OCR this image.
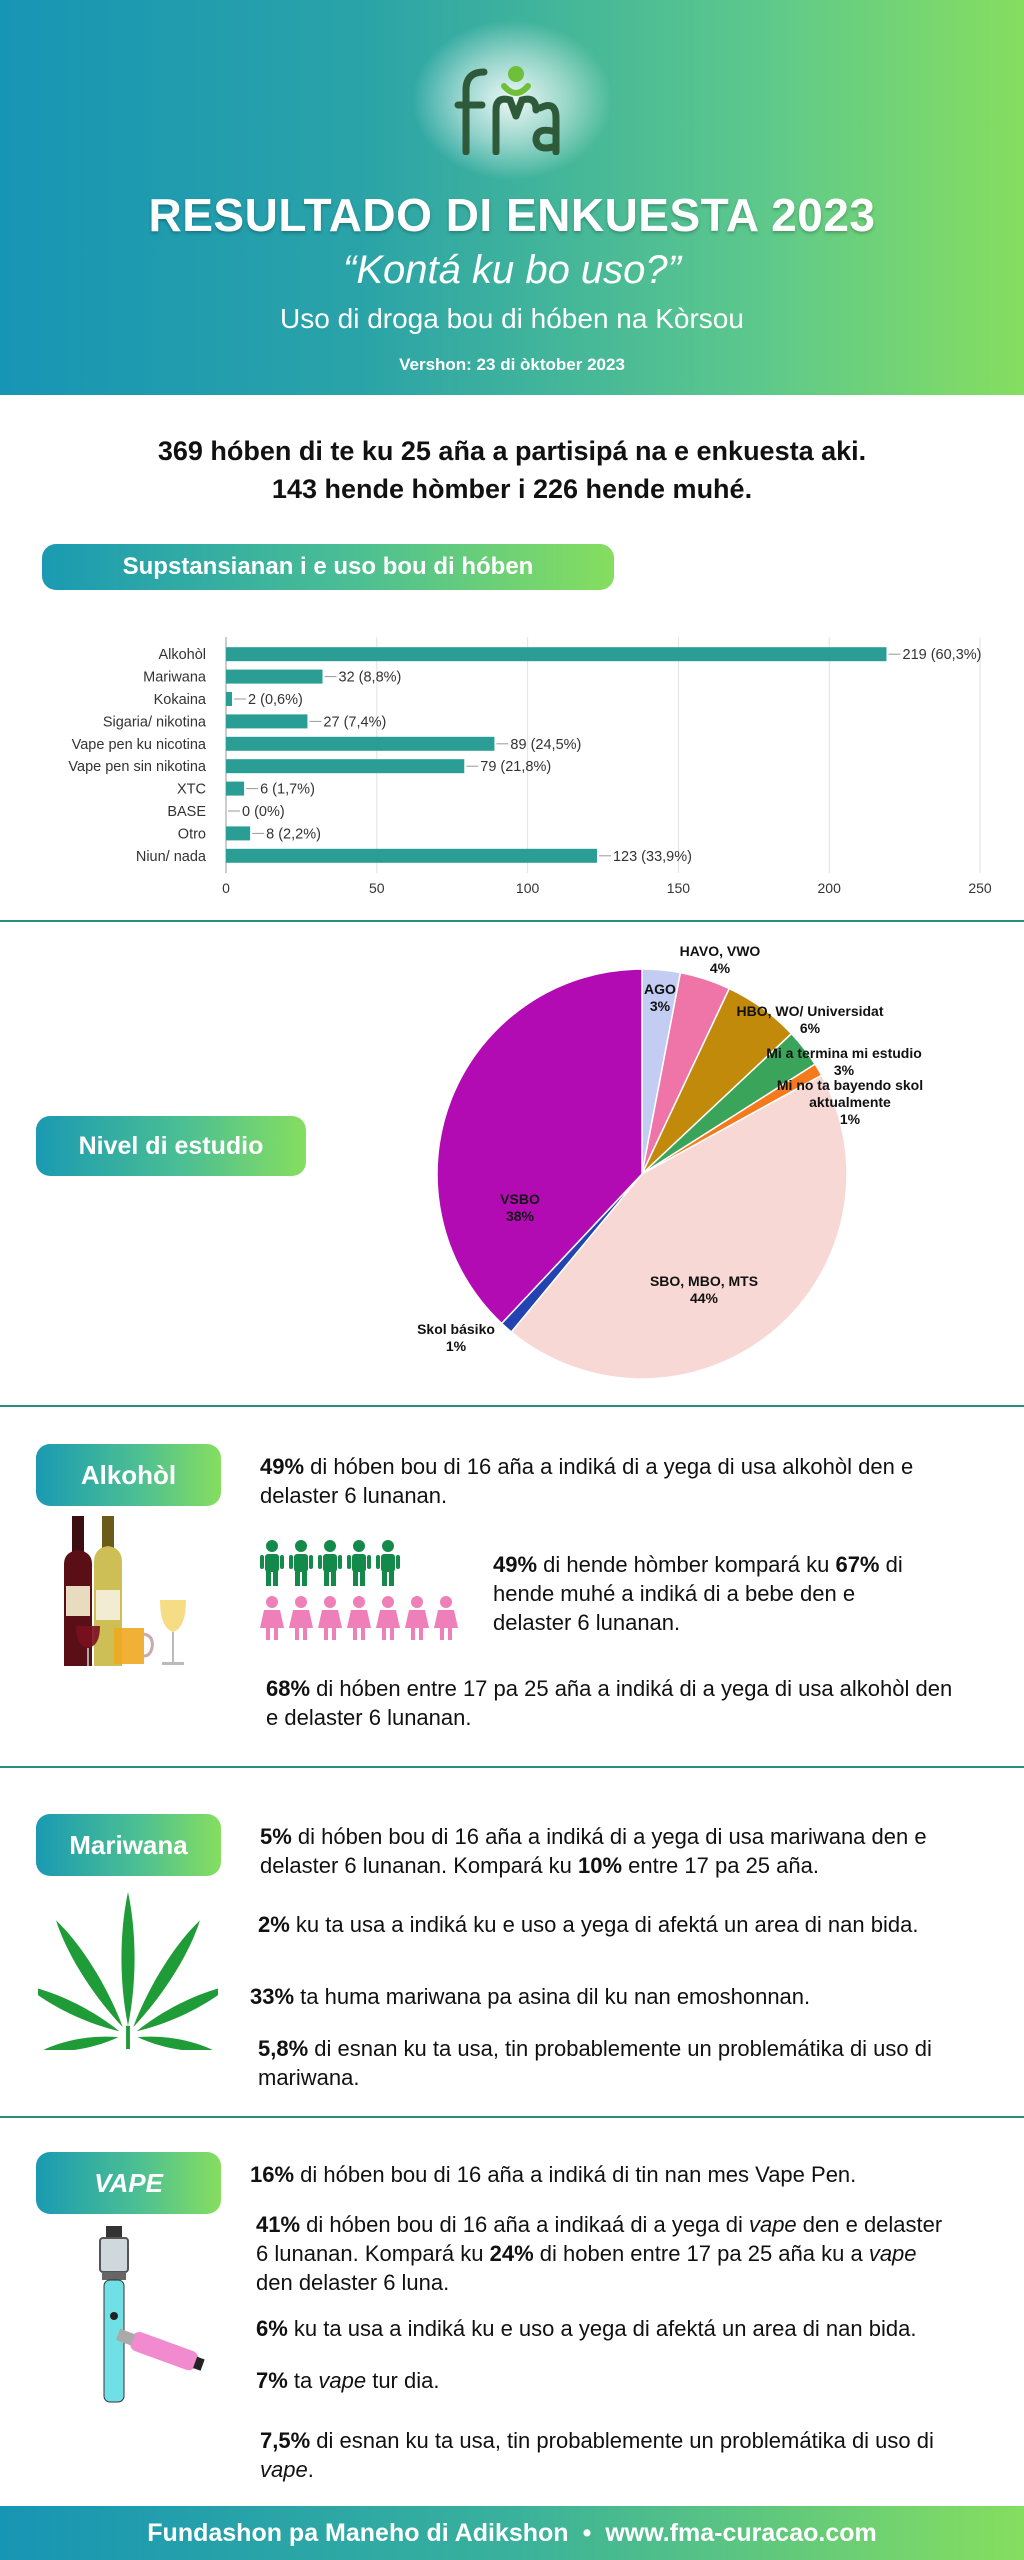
fma
RESULTADO DI ENKUESTA 2023
“Kontá ku bo uso?”
Uso di droga bou di hóben na Kòrsou
Vershon: 23 di òktober 2023
369 hóben di te ku 25 aña a partisipá na e enkuesta aki.
143 hende hòmber i 226 hende muhé.
Supstansianan i e uso bou di hóben
0	50	100	150	200	250
Alkohòl	219 (60,3%)
Mariwana	32 (8,8%)
Kokaina	2 (0,6%)
Sigaria/ nikotina	27 (7,4%)
Vape pen ku nicotina	89 (24,5%)
Vape pen sin nikotina	79 (21,8%)
XTC	6 (1,7%)
BASE 0 (0%)
Otro	8 (2,2%)
Niun/ nada	123 (33,9%)
Nivel di estudio
AGO 3%
HAVO, VWO 4%
HBO, WO/ Universidat 6%
Mi a termina mi estudio 3%
Mi no ta bayendo skol aktualmente 1%
SBO, MBO, MTS 44%
Skol básiko 1%
VSBO 38%
Alkohòl	49% di hóben bou di 16 aña a indiká di a yega di usa alkohòl den e delaster 6 lunanan.
49% di hende hòmber kompará ku 67% di hende muhé a indiká di a bebe den e delaster 6 lunanan.
68% di hóben entre 17 pa 25 aña a indiká di a yega di usa alkohòl den e delaster 6 lunanan.
Mariwana	5% di hóben bou di 16 aña a indiká di a yega di usa mariwana den e delaster 6 lunanan. Kompará ku 10% entre 17 pa 25 aña.
2% ku ta usa a indiká ku e uso a yega di afektá un area di nan bida.
33% ta huma mariwana pa asina dil ku nan emoshonnan.
5,8% di esnan ku ta usa, tin probablemente un problemátika di uso di mariwana.
VAPE	16% di hóben bou di 16 aña a indiká di tin nan mes Vape Pen.
41% di hóben bou di 16 aña a indikaá di a yega di vape den e delaster 6 lunanan. Kompará ku 24% di hoben entre 17 pa 25 aña ku a vape den delaster 6 luna.
6% ku ta usa a indiká ku e uso a yega di afektá un area di nan bida.
7% ta vape tur dia.
7,5% di esnan ku ta usa, tin probablemente un problemátika di uso di vape.
Fundashon pa Maneho di Adikshon • www.fma-curacao.com
